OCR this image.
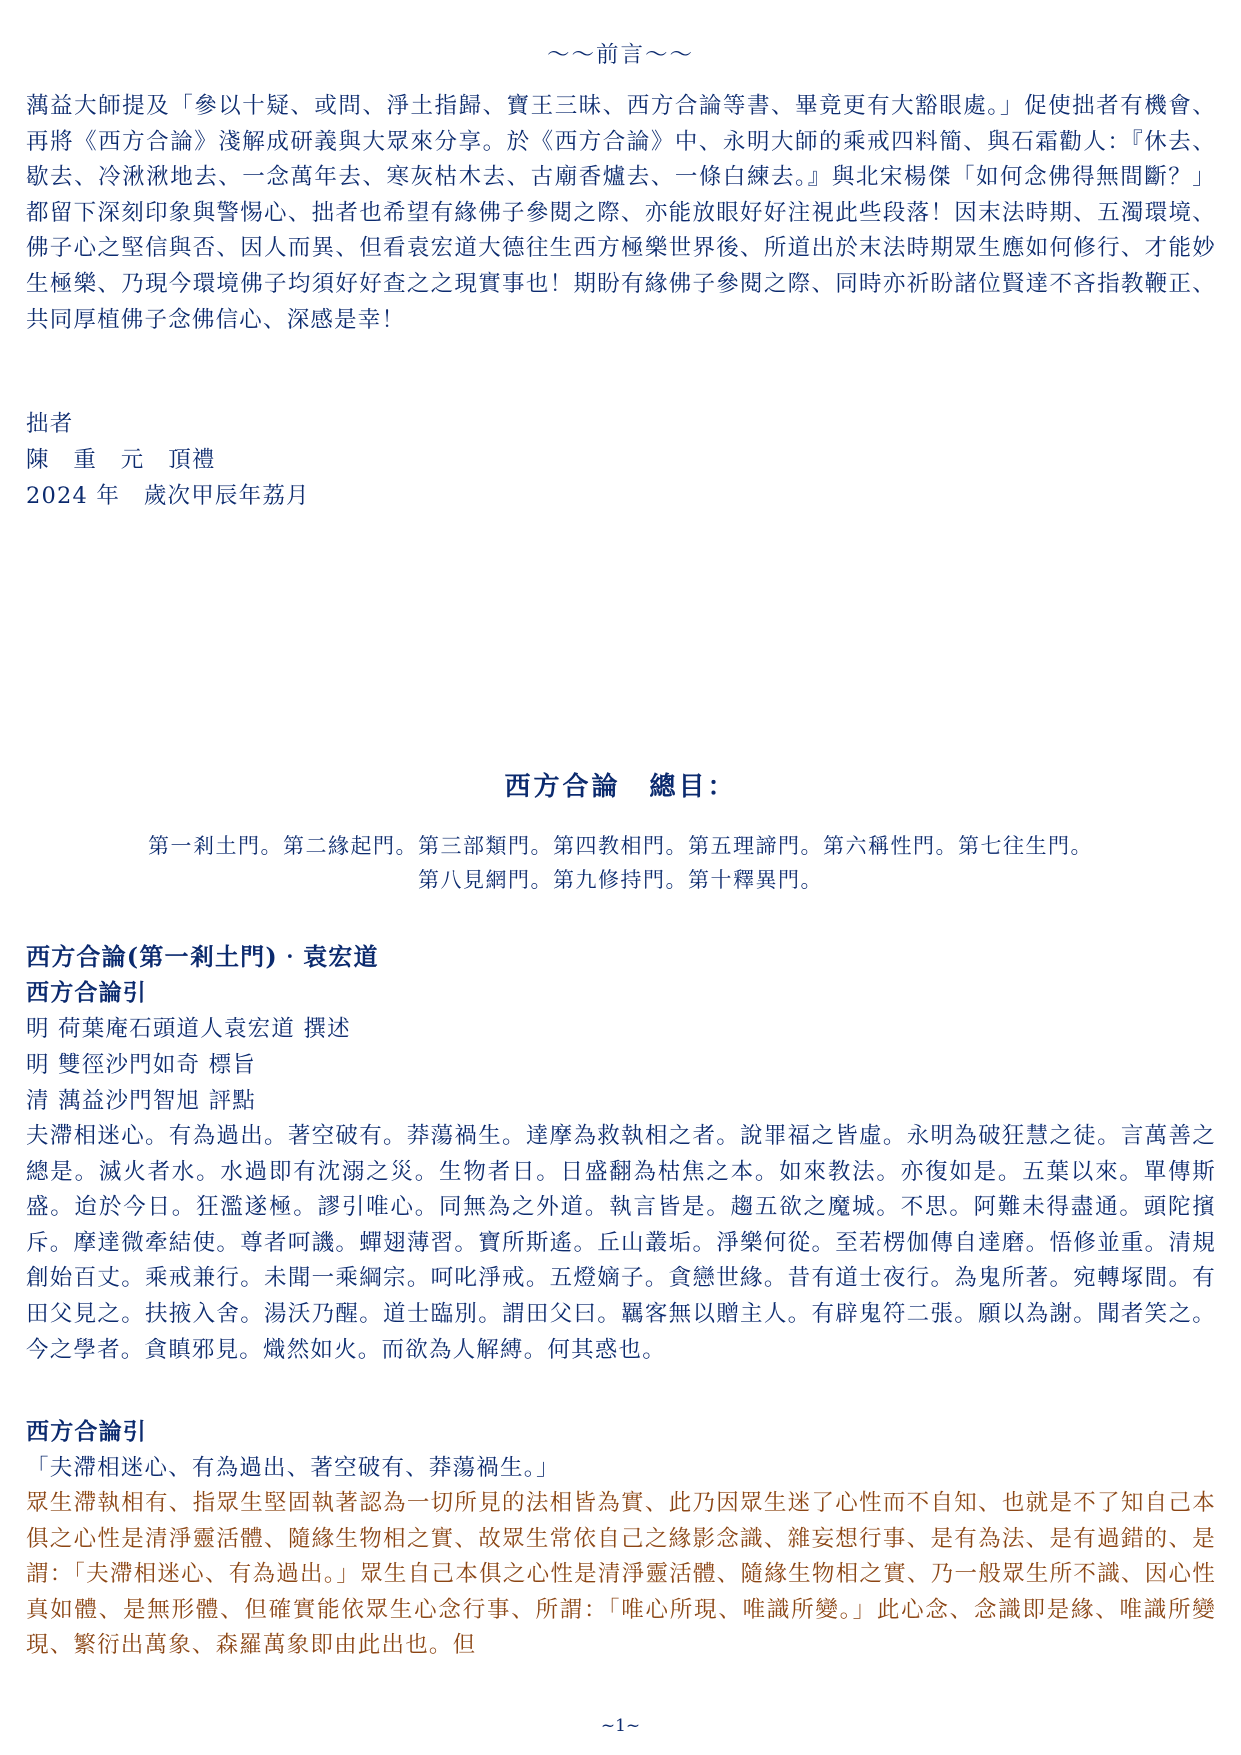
～～前言～～

蕅益大師提及「參以十疑、或問、淨土指歸、寶王三昧、西方合論等書、畢竟更有大豁眼處。」促使拙者有機會、再將《西方合論》淺解成研義與大眾來分享。於《西方合論》中、永明大師的乘戒四料簡、與石霜勸人：『休去、歇去、冷湫湫地去、一念萬年去、寒灰枯木去、古廟香爐去、一條白練去。』與北宋楊傑「如何念佛得無間斷？」都留下深刻印象與警惕心、拙者也希望有緣佛子參閱之際、亦能放眼好好注視此些段落！因末法時期、五濁環境、佛子心之堅信與否、因人而異、但看袁宏道大德往生西方極樂世界後、所道出於末法時期眾生應如何修行、才能妙生極樂、乃現今環境佛子均須好好查之之現實事也！期盼有緣佛子參閱之際、同時亦祈盼諸位賢達不吝指教鞭正、共同厚植佛子念佛信心、深感是幸！

拙者
陳　重　元　頂禮
2024 年　歲次甲辰年荔月
西方合論　總目：

第一剎土門。第二緣起門。第三部類門。第四教相門。第五理諦門。第六稱性門。第七往生門。

第八見網門。第九修持門。第十釋異門。

西方合論(第一剎土門)‧袁宏道
西方合論引
明 荷葉庵石頭道人袁宏道 撰述
明 雙徑沙門如奇 標旨
清 蕅益沙門智旭 評點

夫滯相迷心。有為過出。著空破有。莽蕩禍生。達摩為救執相之者。說罪福之皆虛。永明為破狂慧之徒。言萬善之總是。滅火者水。水過即有沈溺之災。生物者日。日盛翻為枯焦之本。如來教法。亦復如是。五葉以來。單傳斯盛。迨於今日。狂濫遂極。謬引唯心。同無為之外道。執言皆是。趨五欲之魔城。不思。阿難未得盡通。頭陀擯斥。摩達微牽結使。尊者呵譏。蟬翅薄習。寶所斯遙。丘山叢垢。淨樂何從。至若楞伽傳自達磨。悟修並重。清規創始百丈。乘戒兼行。未聞一乘綱宗。呵叱淨戒。五燈嫡子。貪戀世緣。昔有道士夜行。為鬼所著。宛轉塚間。有田父見之。扶掖入舍。湯沃乃醒。道士臨別。謂田父曰。羈客無以贈主人。有辟鬼符二張。願以為謝。聞者笑之。今之學者。貪瞋邪見。熾然如火。而欲為人解縛。何其惑也。

西方合論引
「夫滯相迷心、有為過出、著空破有、莽蕩禍生。」

眾生滯執相有、指眾生堅固執著認為一切所見的法相皆為實、此乃因眾生迷了心性而不自知、也就是不了知自己本俱之心性是清淨靈活體、隨緣生物相之實、故眾生常依自己之緣影念識、雜妄想行事、是有為法、是有過錯的、是謂：「夫滯相迷心、有為過出。」眾生自己本俱之心性是清淨靈活體、隨緣生物相之實、乃一般眾生所不識、因心性真如體、是無形體、但確實能依眾生心念行事、所謂：「唯心所現、唯識所變。」此心念、念識即是緣、唯識所變現、繁衍出萬象、森羅萬象即由此出也。但

~1~
